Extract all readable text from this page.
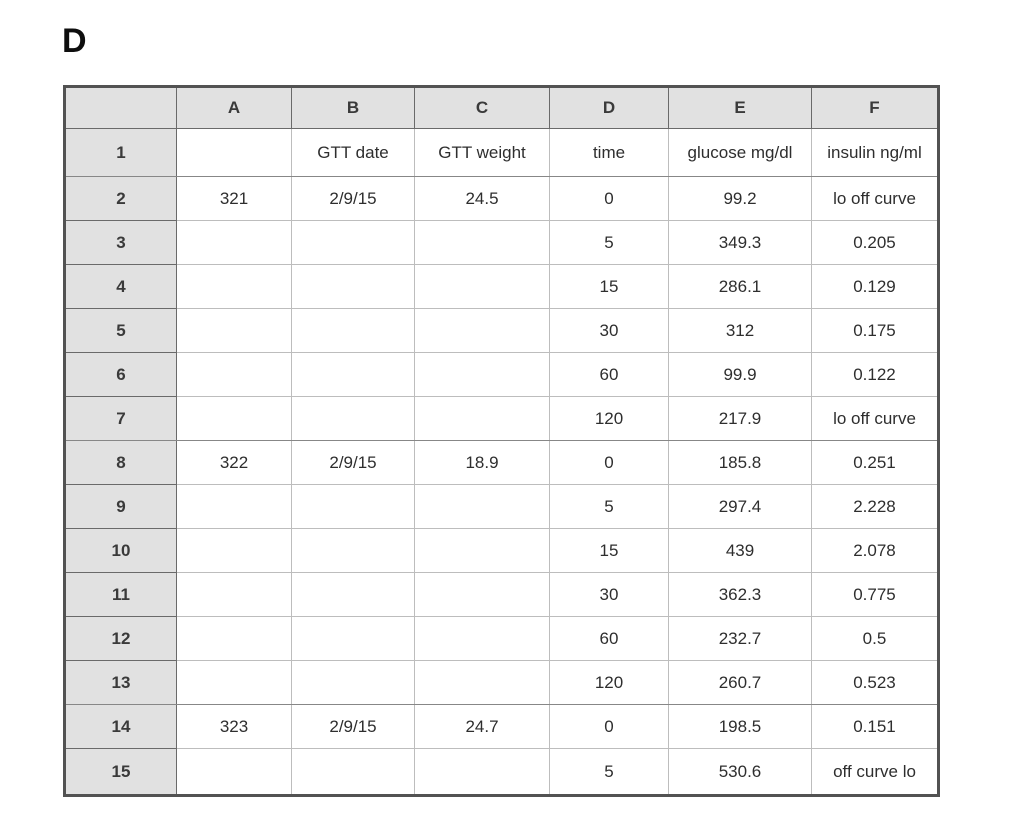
D
	A	B	C	D	E	F
1		GTT date	GTT weight	time	glucose mg/dl	insulin ng/ml
2	321	2/9/15	24.5	0	99.2	lo off curve
3				5	349.3	0.205
4				15	286.1	0.129
5				30	312	0.175
6				60	99.9	0.122
7				120	217.9	lo off curve
8	322	2/9/15	18.9	0	185.8	0.251
9				5	297.4	2.228
10				15	439	2.078
11				30	362.3	0.775
12				60	232.7	0.5
13				120	260.7	0.523
14	323	2/9/15	24.7	0	198.5	0.151
15				5	530.6	off curve lo
